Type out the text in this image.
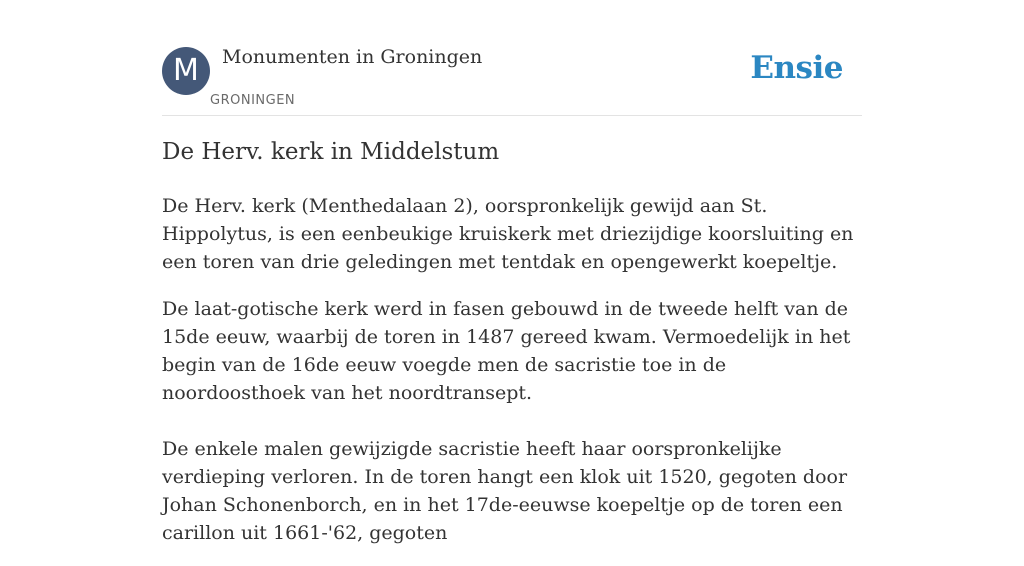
M	Monumenten in Groningen
GRONINGEN
Ensie
De Herv. kerk in Middelstum

De Herv. kerk (Menthedalaan 2), oorspronkelijk gewijd aan St. Hippolytus, is een eenbeukige kruiskerk met driezijdige koorsluiting en een toren van drie geledingen met tentdak en opengewerkt koepeltje.

De laat-gotische kerk werd in fasen gebouwd in de tweede helft van de 15de eeuw, waarbij de toren in 1487 gereed kwam. Vermoedelijk in het begin van de 16de eeuw voegde men de sacristie toe in de noordoosthoek van het noordtransept.

De enkele malen gewijzigde sacristie heeft haar oorspronkelijke verdieping verloren. In de toren hangt een klok uit 1520, gegoten door Johan Schonenborch, en in het 17de-eeuwse koepeltje op de toren een carillon uit 1661-'62, gegoten
